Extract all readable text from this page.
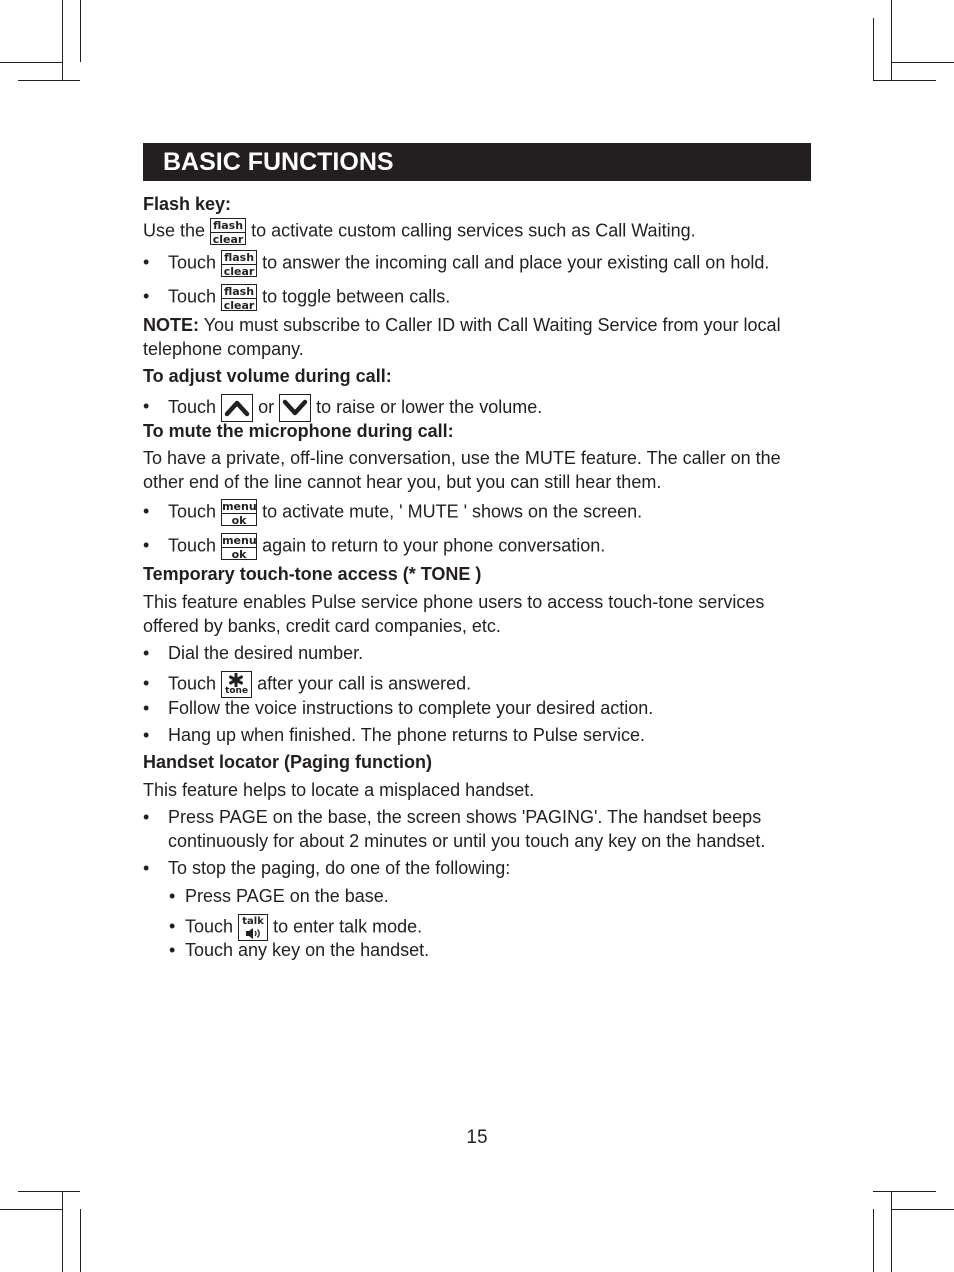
BASIC FUNCTIONS
Flash key:
Use the flash
clear to activate custom calling services such as Call Waiting.
• Touch flash
clear to answer the incoming call and place your existing call on hold.
• Touch flash
clear to toggle between calls.
NOTE: You must subscribe to Caller ID with Call Waiting Service from your local
telephone company.
To adjust volume during call:
• Touch or to raise or lower the volume.
To mute the microphone during call:
To have a private, off-line conversation, use the MUTE feature. The caller on the
other end of the line cannot hear you, but you can still hear them.
• Touch menu
ok to activate mute, ' MUTE ' shows on the screen.
• Touch menu
ok again to return to your phone conversation.
Temporary touch-tone access (* TONE )
This feature enables Pulse service phone users to access touch-tone services
offered by banks, credit card companies, etc.
• Dial the desired number.
• Touch	tone after your call is answered.
• Follow the voice instructions to complete your desired action.
• Hang up when finished. The phone returns to Pulse service.
Handset locator (Paging function)
This feature helps to locate a misplaced handset.
• Press PAGE on the base, the screen shows 'PAGING'. The handset beeps
continuously for about 2 minutes or until you touch any key on the handset.
• To stop the paging, do one of the following:
• Press PAGE on the base.
• Touch talk to enter talk mode.
• Touch any key on the handset.
15
